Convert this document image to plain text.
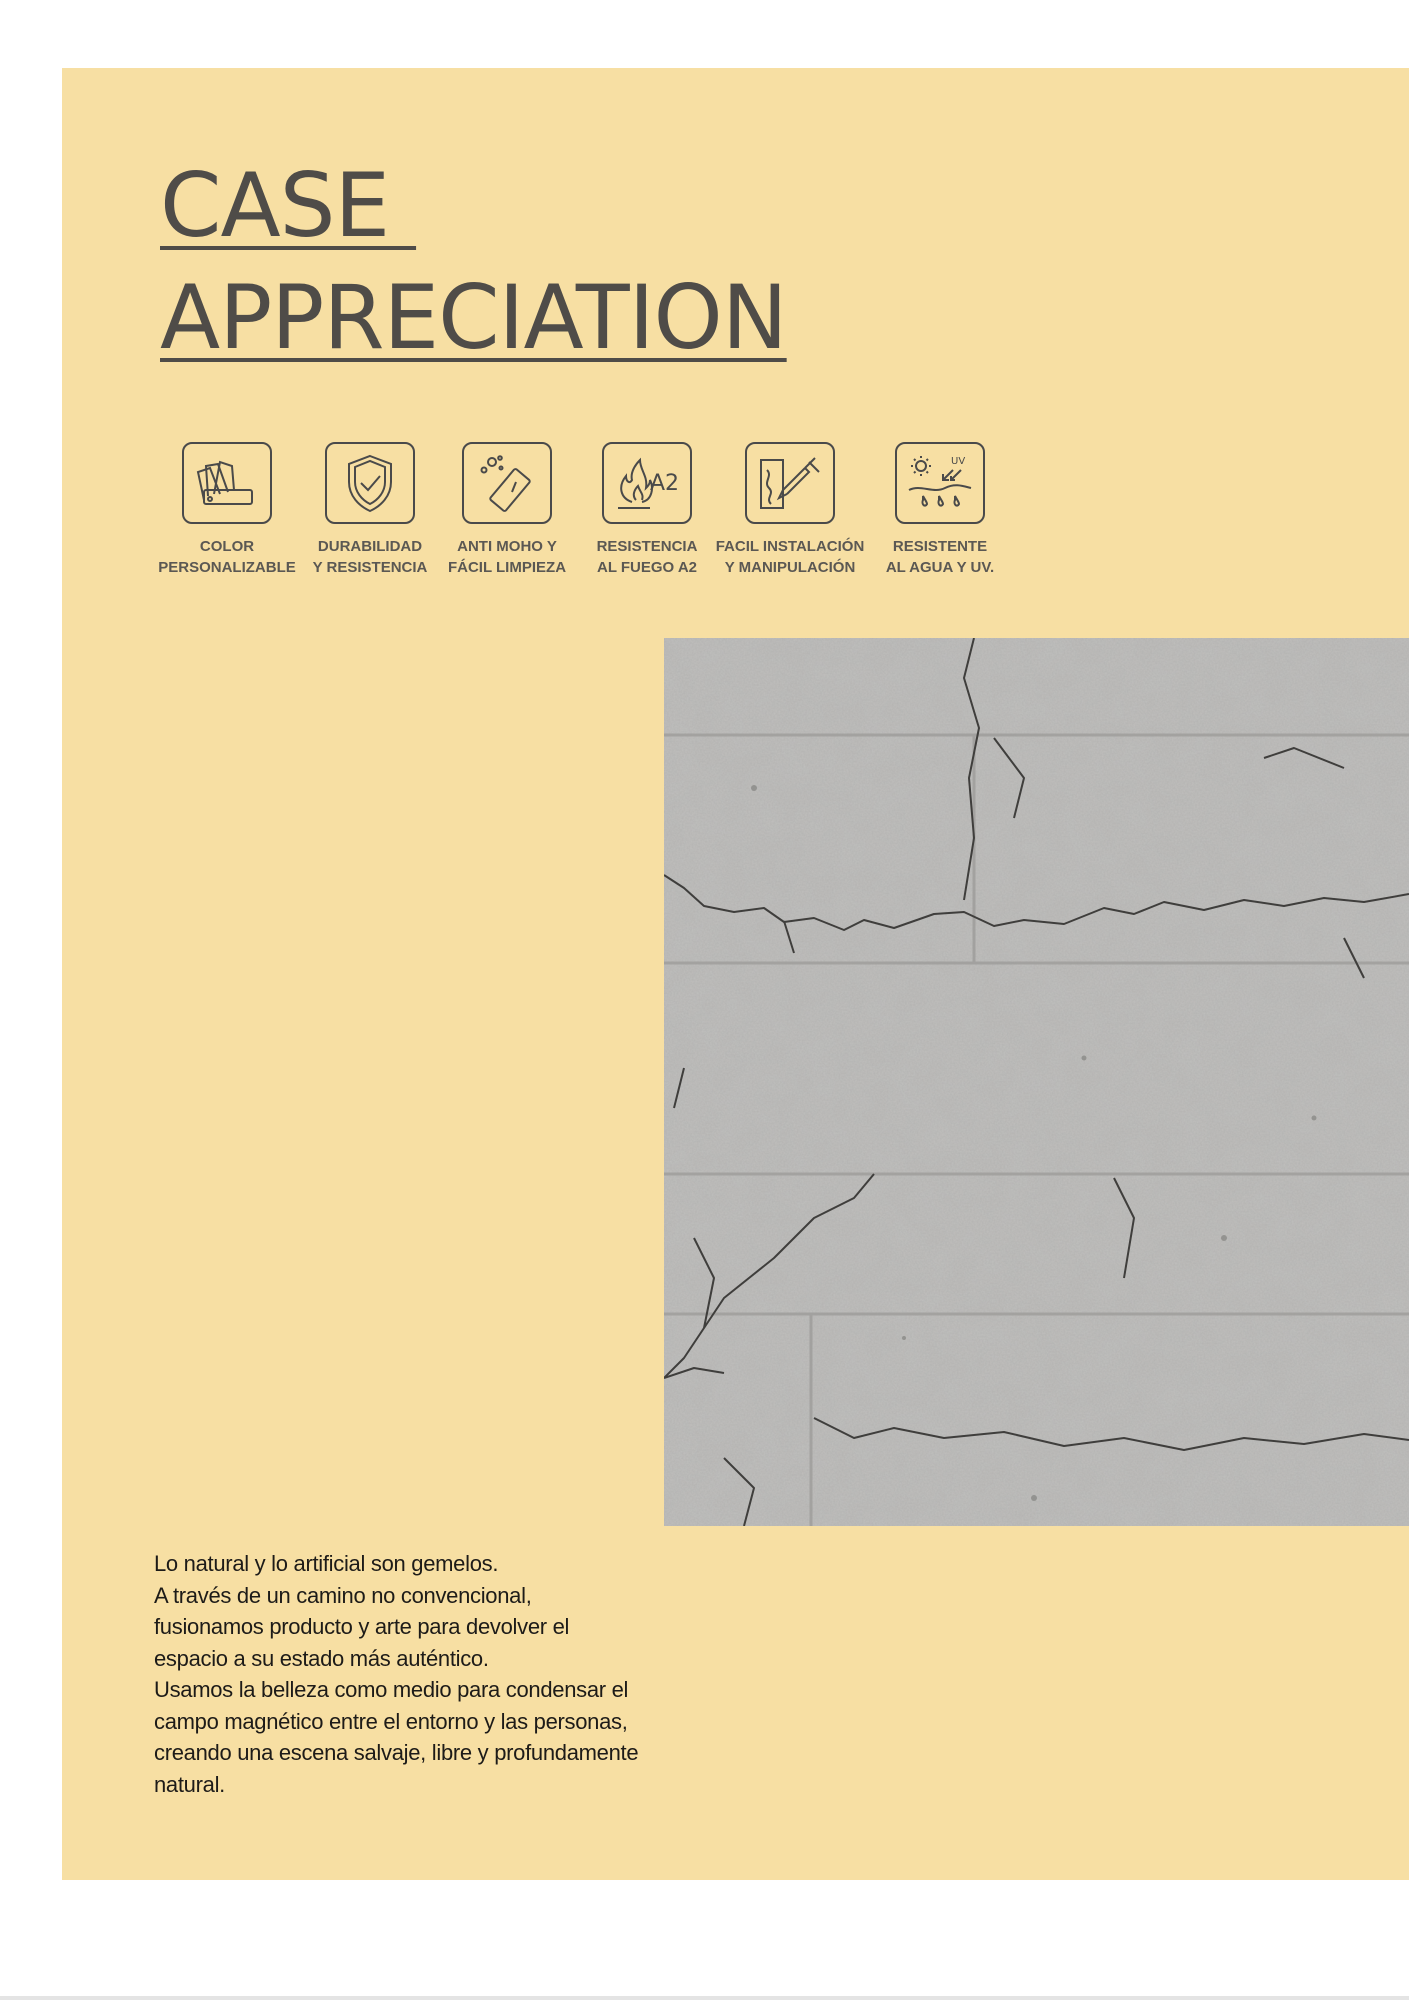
CASE
APPRECIATION
COLOR
PERSONALIZABLE
DURABILIDAD
Y RESISTENCIA
ANTI MOHO Y
FÁCIL LIMPIEZA
A2
RESISTENCIA
AL FUEGO A2
FACIL INSTALACIÓN
Y MANIPULACIÓN
UV
RESISTENTE
AL AGUA Y UV.
Lo natural y lo artificial son gemelos.
A través de un camino no convencional,
fusionamos producto y arte para devolver el
espacio a su estado más auténtico.
Usamos la belleza como medio para condensar el
campo magnético entre el entorno y las personas,
creando una escena salvaje, libre y profundamente
natural.
